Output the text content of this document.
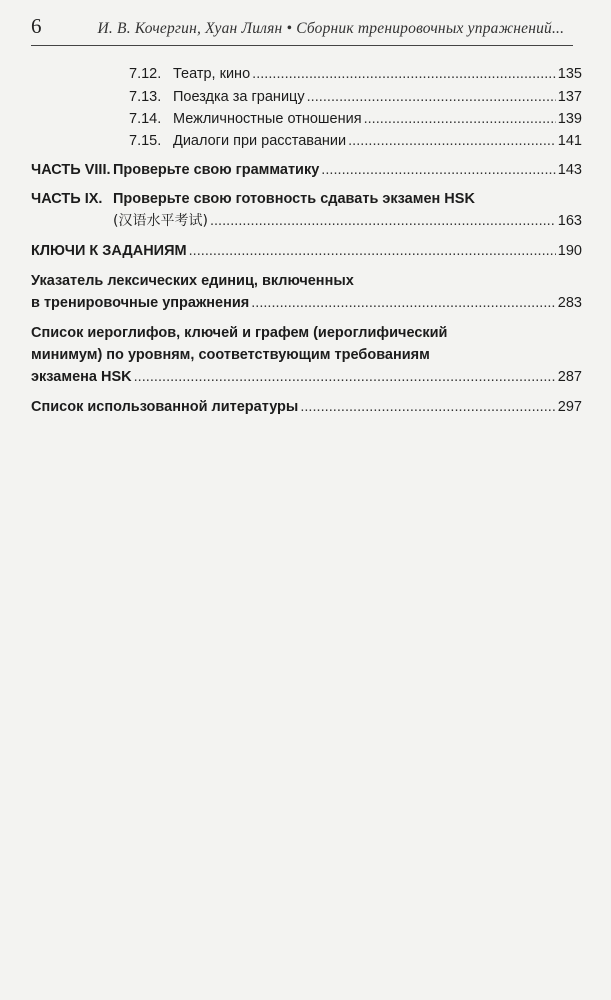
6	И. В. Кочергин, Хуан Лилян • Сборник тренировочных упражнений...
7.12. Театр, кино . . .	135
7.13. Поездка за границу . . .	137
7.14. Межличностные отношения . . .	139
7.15. Диалоги при расставании . . .	141
ЧАСТЬ VIII. Проверьте свою грамматику . . .	143
ЧАСТЬ IX. Проверьте свою готовность сдавать экзамен HSK
(汉语水平考试) . . .	163
КЛЮЧИ К ЗАДАНИЯМ . . .	190
Указатель лексических единиц, включенных
в тренировочные упражнения . . .	283
Список иероглифов, ключей и графем (иероглифический
минимум) по уровням, соответствующим требованиям
экзамена HSK . . .	287
Список использованной литературы . . .	297
